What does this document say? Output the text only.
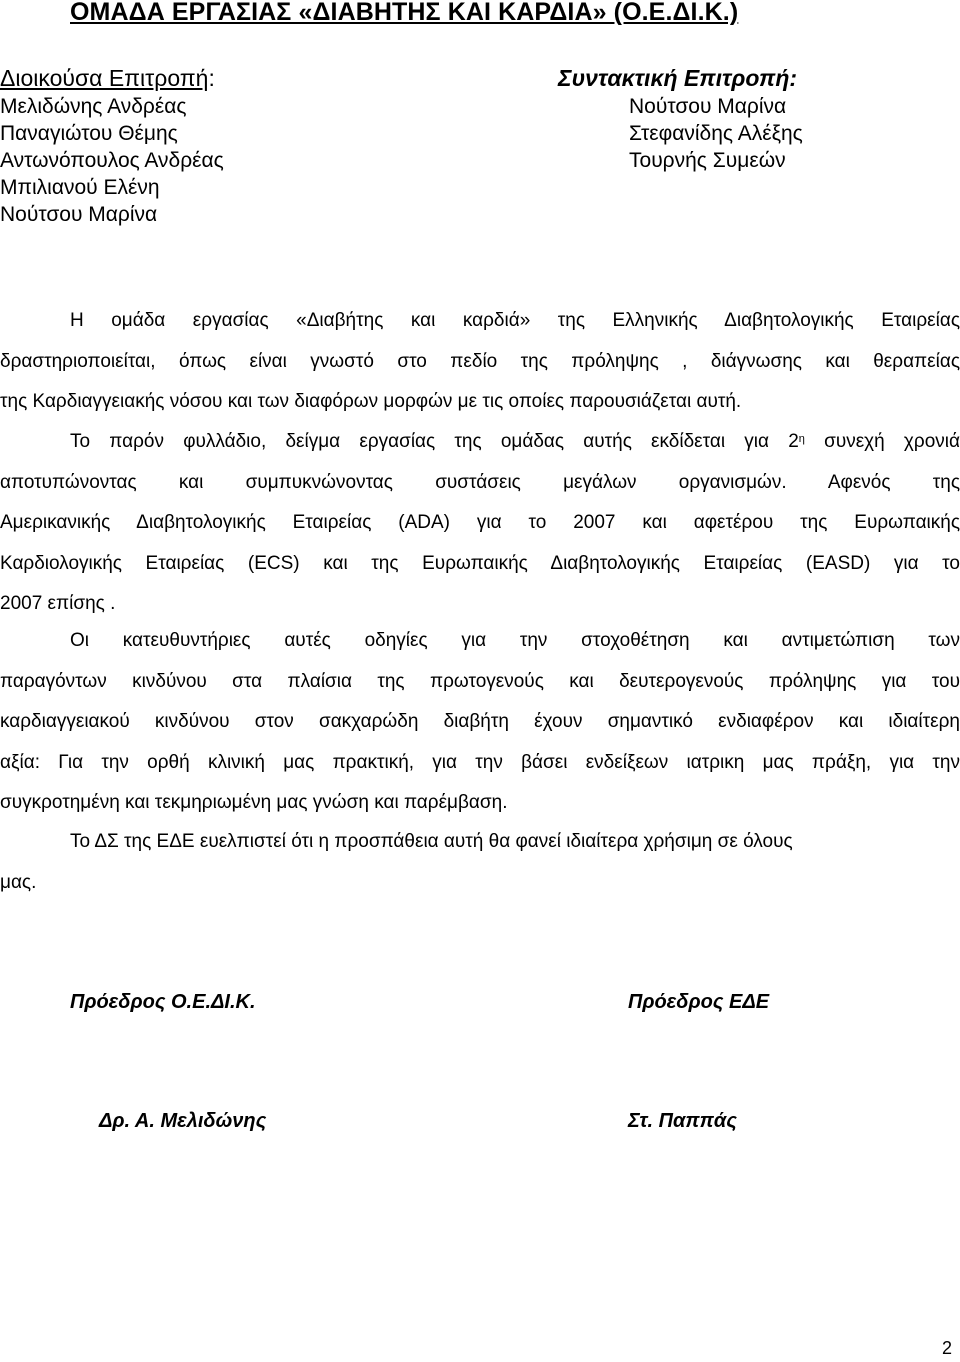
ΟΜΑΔΑ ΕΡΓΑΣΙΑΣ «ΔΙΑΒΗΤΗΣ ΚΑΙ ΚΑΡΔΙΑ» (Ο.Ε.ΔΙ.Κ.)
Διοικούσα Επιτροπή:
Μελιδώνης Ανδρέας
Παναγιώτου Θέμης
Αντωνόπουλος Ανδρέας
Μπιλιανού Ελένη
Νούτσου Μαρίνα
Συντακτική Επιτροπή:
Νούτσου Μαρίνα
Στεφανίδης Αλέξης
Τουρνής Συμεών
Η ομάδα εργασίας «Διαβήτης και καρδιά» της Ελληνικής Διαβητολογικής Εταιρείας
δραστηριοποιείται, όπως είναι γνωστό στο πεδίο της πρόληψης , διάγνωσης και θεραπείας
της Καρδιαγγειακής νόσου και των διαφόρων μορφών με τις οποίες παρουσιάζεται αυτή.
Το παρόν φυλλάδιο, δείγμα εργασίας της ομάδας αυτής εκδίδεται για $2^\eta$ συνεχή χρονιά
αποτυπώνοντας και συμπυκνώνοντας συστάσεις μεγάλων οργανισμών. Αφενός της
Αμερικανικής Διαβητολογικής Εταιρείας (ADA) για το 2007 και αφετέρου της Ευρωπαικής
Καρδιολογικής Εταιρείας (ECS) και της Ευρωπαικής Διαβητολογικής Εταιρείας (EASD) για το
2007 επίσης .
Οι κατευθυντήριες αυτές οδηγίες για την στοχοθέτηση και αντιμετώπιση των
παραγόντων κινδύνου στα πλαίσια της πρωτογενούς και δευτερογενούς πρόληψης για του
καρδιαγγειακού κινδύνου στον σακχαρώδη διαβήτη έχουν σημαντικό ενδιαφέρον και ιδιαίτερη
αξία: Για την ορθή κλινική μας πρακτική, για την βάσει ενδείξεων ιατρικη μας πράξη, για την
συγκροτημένη και τεκμηριωμένη μας γνώση και παρέμβαση.
Το ΔΣ της ΕΔΕ ευελπιστεί ότι η προσπάθεια αυτή θα φανεί ιδιαίτερα χρήσιμη σε όλους
μας.
Πρόεδρος Ο.Ε.ΔΙ.Κ.	Πρόεδρος ΕΔΕ
Δρ. Α. Μελιδώνης	Στ. Παππάς
2
